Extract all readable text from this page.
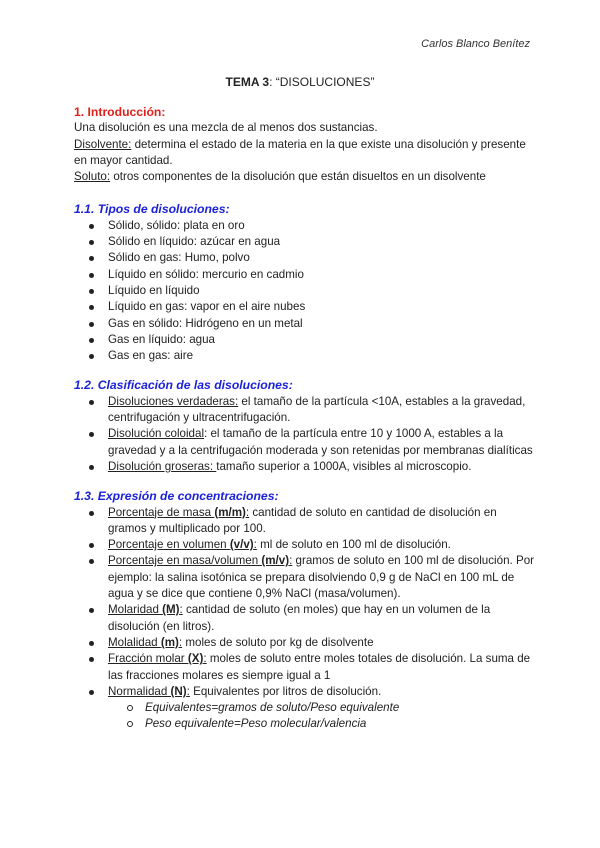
Carlos Blanco Benítez
TEMA 3: “DISOLUCIONES”

1. Introducción:

Una disolución es una mezcla de al menos dos sustancias.

Disolvente: determina el estado de la materia en la que existe una disolución y presente en mayor cantidad.

Soluto: otros componentes de la disolución que están disueltos en un disolvente

1.1. Tipos de disoluciones:

Sólido, sólido: plata en oro
Sólido en líquido: azúcar en agua
Sólido en gas: Humo, polvo
Líquido en sólido: mercurio en cadmio
Líquido en líquido
Líquido en gas: vapor en el aire nubes
Gas en sólido: Hidrógeno en un metal
Gas en líquido: agua
Gas en gas: aire

1.2. Clasificación de las disoluciones:

Disoluciones verdaderas: el tamaño de la partícula <10A, estables a la gravedad, centrifugación y ultracentrifugación.
Disolución coloidal: el tamaño de la partícula entre 10 y 1000 A, estables a la gravedad y a la centrifugación moderada y son retenidas por membranas dialíticas
Disolución groseras: tamaño superior a 1000A, visibles al microscopio.

1.3. Expresión de concentraciones:

Porcentaje de masa (m/m): cantidad de soluto en cantidad de disolución en gramos y multiplicado por 100.
Porcentaje en volumen (v/v): ml de soluto en 100 ml de disolución.
Porcentaje en masa/volumen (m/v): gramos de soluto en 100 ml de disolución. Por ejemplo: la salina isotónica se prepara disolviendo 0,9 g de NaCl en 100 mL de agua y se dice que contiene 0,9% NaCl (masa/volumen).
Molaridad (M): cantidad de soluto (en moles) que hay en un volumen de la disolución (en litros).
Molalidad (m): moles de soluto por kg de disolvente
Fracción molar (X): moles de soluto entre moles totales de disolución. La suma de las fracciones molares es siempre igual a 1
Normalidad (N): Equivalentes por litros de disolución.
Equivalentes=gramos de soluto/Peso equivalente
Peso equivalente=Peso molecular/valencia
